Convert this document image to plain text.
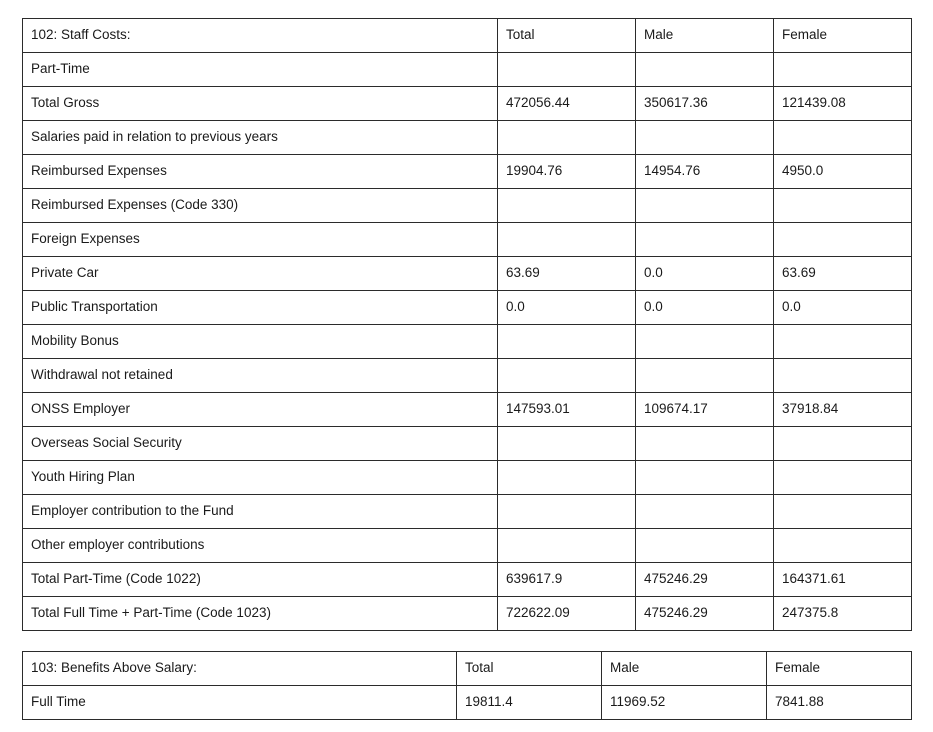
102: Staff Costs:	Total	Male	Female
Part-Time			
Total Gross	472056.44	350617.36	121439.08
Salaries paid in relation to previous years			
Reimbursed Expenses	19904.76	14954.76	4950.0
Reimbursed Expenses (Code 330)			
Foreign Expenses			
Private Car	63.69	0.0	63.69
Public Transportation	0.0	0.0	0.0
Mobility Bonus			
Withdrawal not retained			
ONSS Employer	147593.01	109674.17	37918.84
Overseas Social Security			
Youth Hiring Plan			
Employer contribution to the Fund			
Other employer contributions			
Total Part-Time (Code 1022)	639617.9	475246.29	164371.61
Total Full Time + Part-Time (Code 1023)	722622.09	475246.29	247375.8
103: Benefits Above Salary:	Total	Male	Female
Full Time	19811.4	11969.52	7841.88
